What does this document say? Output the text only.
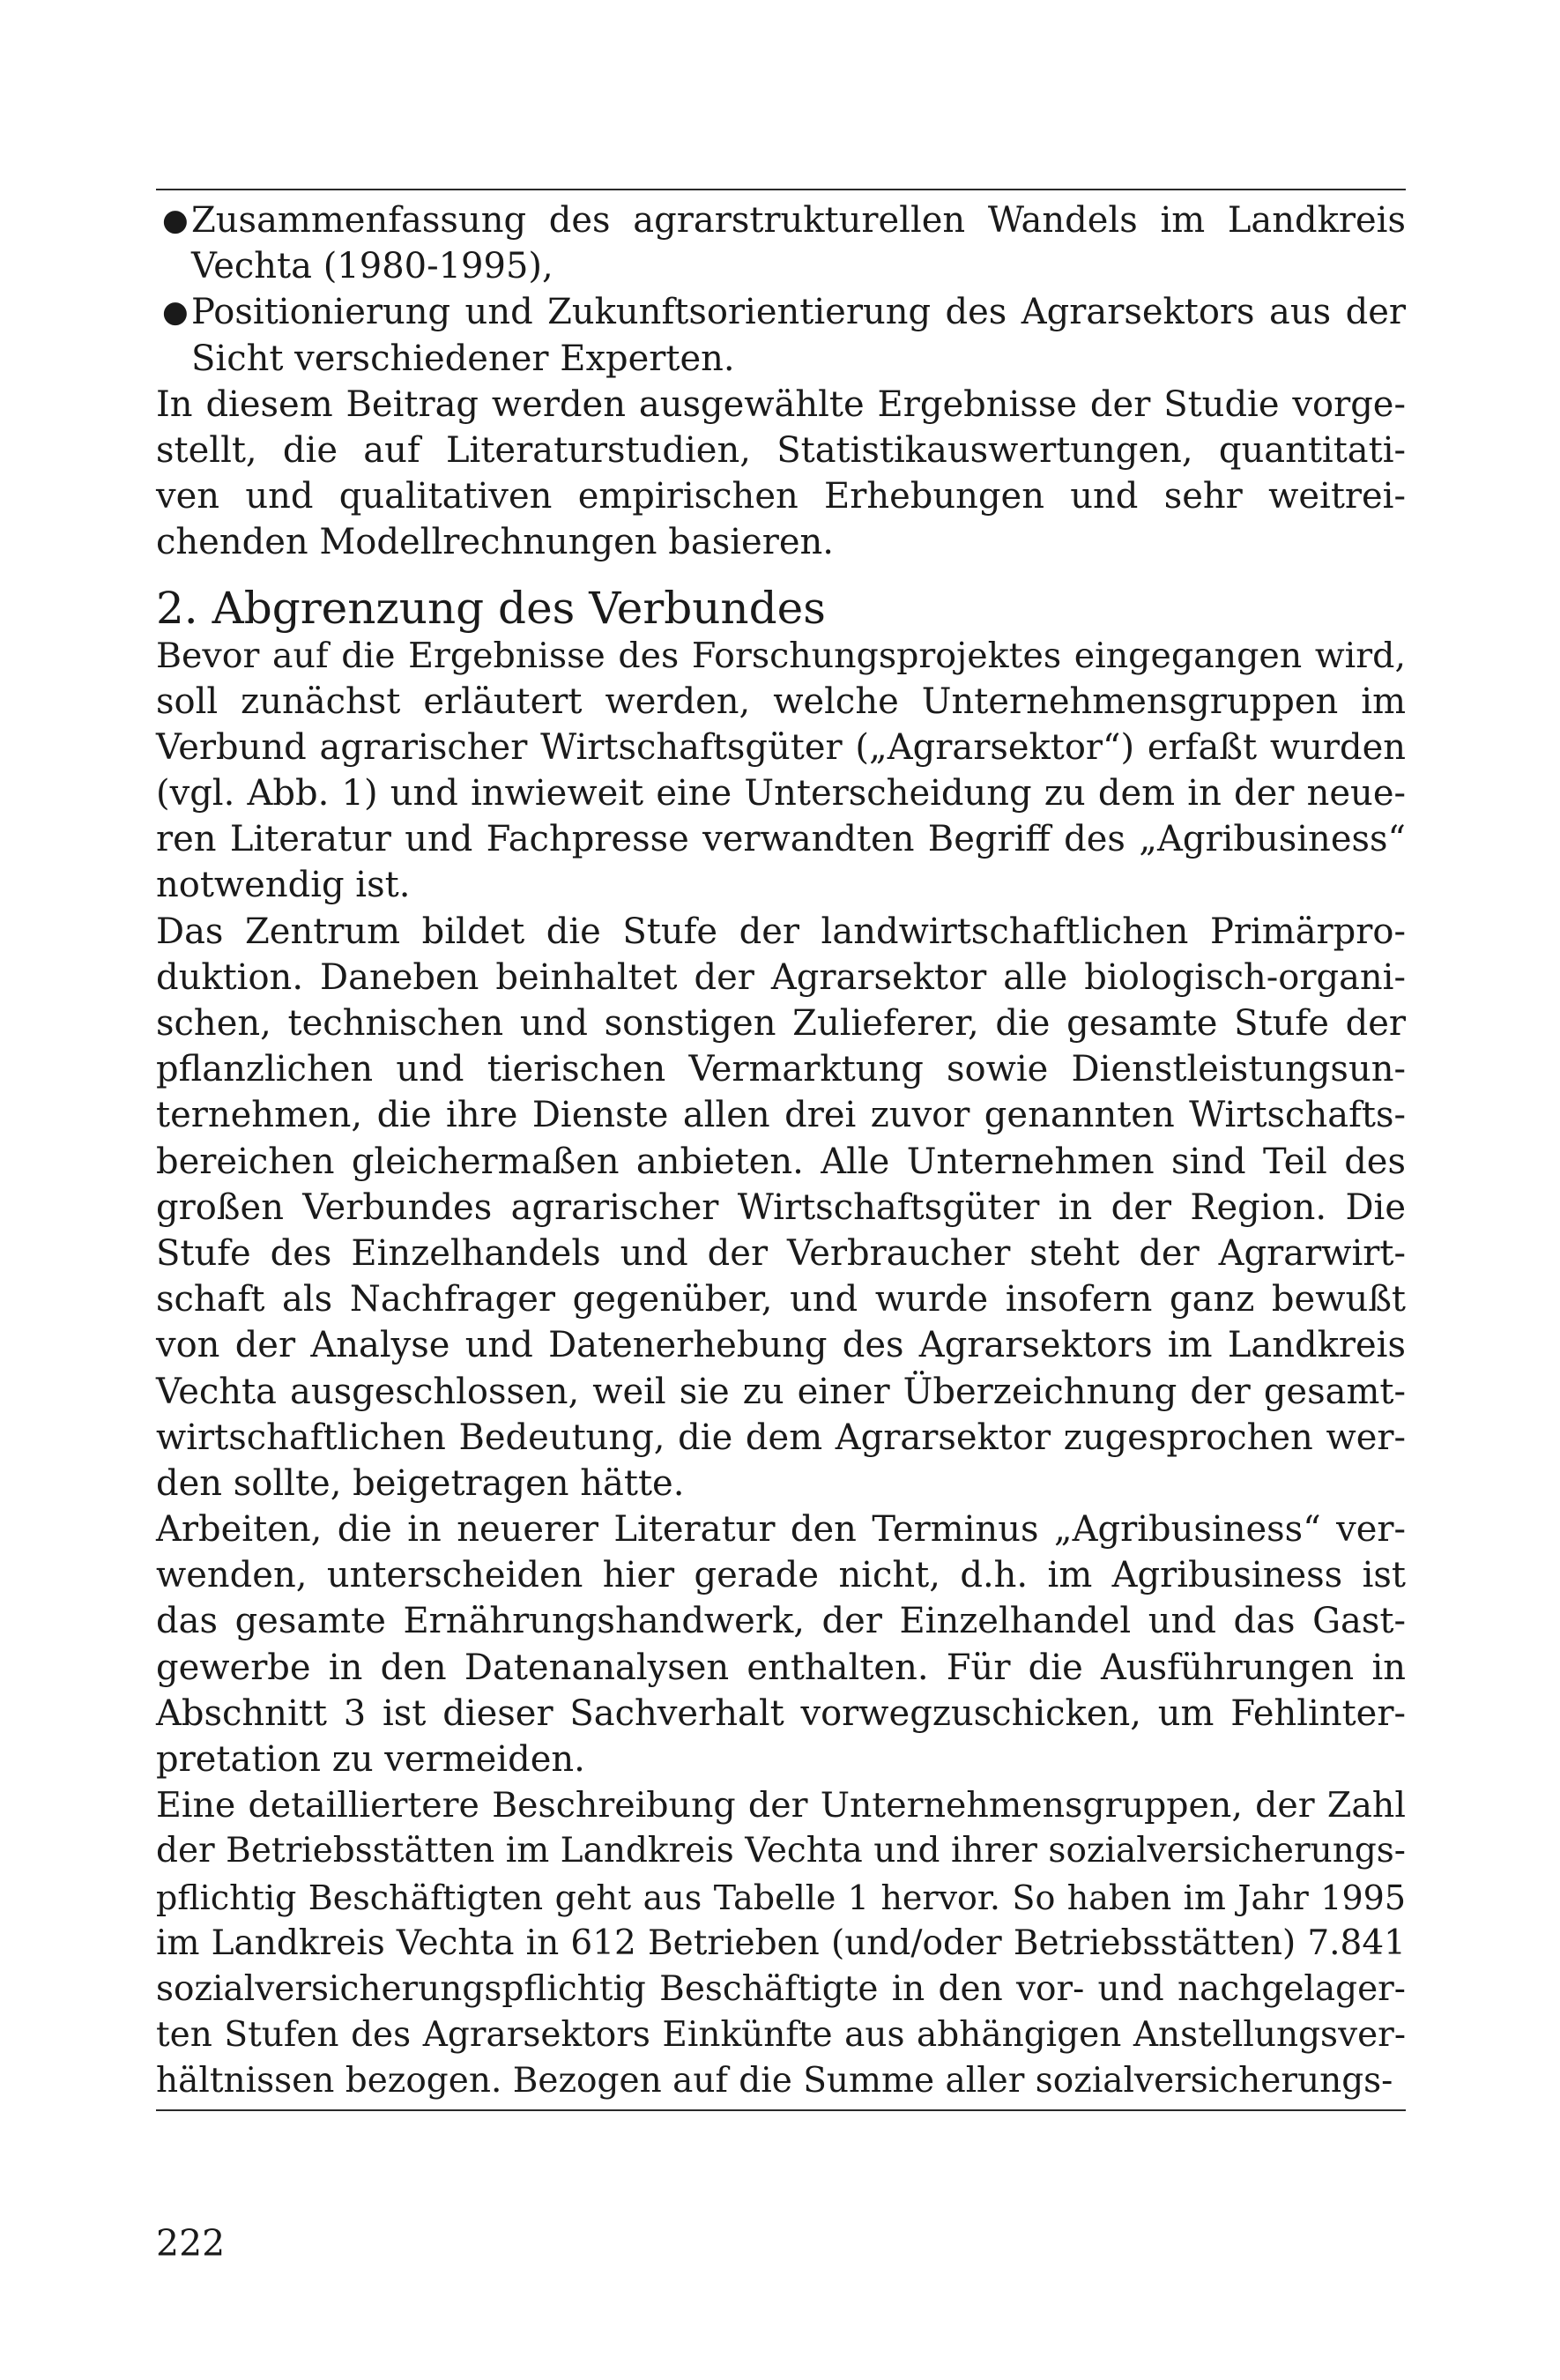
● Zusammenfassung des agrarstrukturellen Wandels im Landkreis
Vechta (1980-1995),
● Positionierung und Zukunftsorientierung des Agrarsektors aus der
Sicht verschiedener Experten.
In diesem Beitrag werden ausgewählte Ergebnisse der Studie vorge-
stellt, die auf Literaturstudien, Statistikauswertungen, quantitati-
ven und qualitativen empirischen Erhebungen und sehr weitrei-
chenden Modellrechnungen basieren.
2. Abgrenzung des Verbundes
Bevor auf die Ergebnisse des Forschungsprojektes eingegangen wird,
soll zunächst erläutert werden, welche Unternehmensgruppen im
Verbund agrarischer Wirtschaftsgüter („Agrarsektor“) erfaßt wurden
(vgl. Abb. 1) und inwieweit eine Unterscheidung zu dem in der neue-
ren Literatur und Fachpresse verwandten Begriff des „Agribusiness“
notwendig ist.
Das Zentrum bildet die Stufe der landwirtschaftlichen Primärpro-
duktion. Daneben beinhaltet der Agrarsektor alle biologisch-organi-
schen, technischen und sonstigen Zulieferer, die gesamte Stufe der
pflanzlichen und tierischen Vermarktung sowie Dienstleistungsun-
ternehmen, die ihre Dienste allen drei zuvor genannten Wirtschafts-
bereichen gleichermaßen anbieten. Alle Unternehmen sind Teil des
großen Verbundes agrarischer Wirtschaftsgüter in der Region. Die
Stufe des Einzelhandels und der Verbraucher steht der Agrarwirt-
schaft als Nachfrager gegenüber, und wurde insofern ganz bewußt
von der Analyse und Datenerhebung des Agrarsektors im Landkreis
Vechta ausgeschlossen, weil sie zu einer Überzeichnung der gesamt-
wirtschaftlichen Bedeutung, die dem Agrarsektor zugesprochen wer-
den sollte, beigetragen hätte.
Arbeiten, die in neuerer Literatur den Terminus „Agribusiness“ ver-
wenden, unterscheiden hier gerade nicht, d.h. im Agribusiness ist
das gesamte Ernährungshandwerk, der Einzelhandel und das Gast-
gewerbe in den Datenanalysen enthalten. Für die Ausführungen in
Abschnitt 3 ist dieser Sachverhalt vorwegzuschicken, um Fehlinter-
pretation zu vermeiden.
Eine detailliertere Beschreibung der Unternehmensgruppen, der Zahl
der Betriebsstätten im Landkreis Vechta und ihrer sozialversicherungs-
pflichtig Beschäftigten geht aus Tabelle 1 hervor. So haben im Jahr 1995
im Landkreis Vechta in 612 Betrieben (und/oder Betriebsstätten) 7.841
sozialversicherungspflichtig Beschäftigte in den vor- und nachgelager-
ten Stufen des Agrarsektors Einkünfte aus abhängigen Anstellungsver-
hältnissen bezogen. Bezogen auf die Summe aller sozialversicherungs-
222
